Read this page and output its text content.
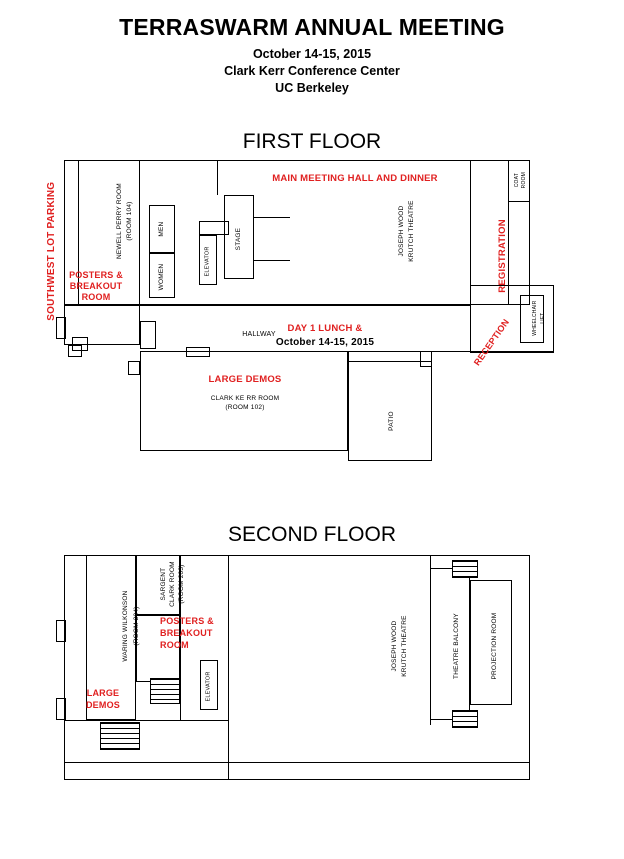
TERRASWARM ANNUAL MEETING
October 14-15, 2015
Clark Kerr Conference Center
UC Berkeley
FIRST FLOOR
SOUTHWEST LOT PARKING
MAIN MEETING HALL AND DINNER
POSTERS &
BREAKOUT
ROOM
REGISTRATION
RECEPTION
DAY 1 LUNCH &
October 14-15, 2015
LARGE DEMOS
NEWELL PERRY ROOM (ROOM 104)	MEN
WOMEN
ELEVATOR
STAGE	JOSEPH WOOD KRUTCH THEATRE
COAT ROOM
WHEELCHAIR LIFT
HALLWAY
CLARK KE RR ROOM
(ROOM 102)
PATIO
SECOND FLOOR
WARING WILKONSON (ROOM 204)
SARGENT CLARK ROOM (ROOM 203)
POSTERS &
BREAKOUT
ROOM
LARGE
DEMOS
ELEVATOR
JOSEPH WOOD KRUTCH THEATRE	THEATRE BALCONY	PROJECTION ROOM
